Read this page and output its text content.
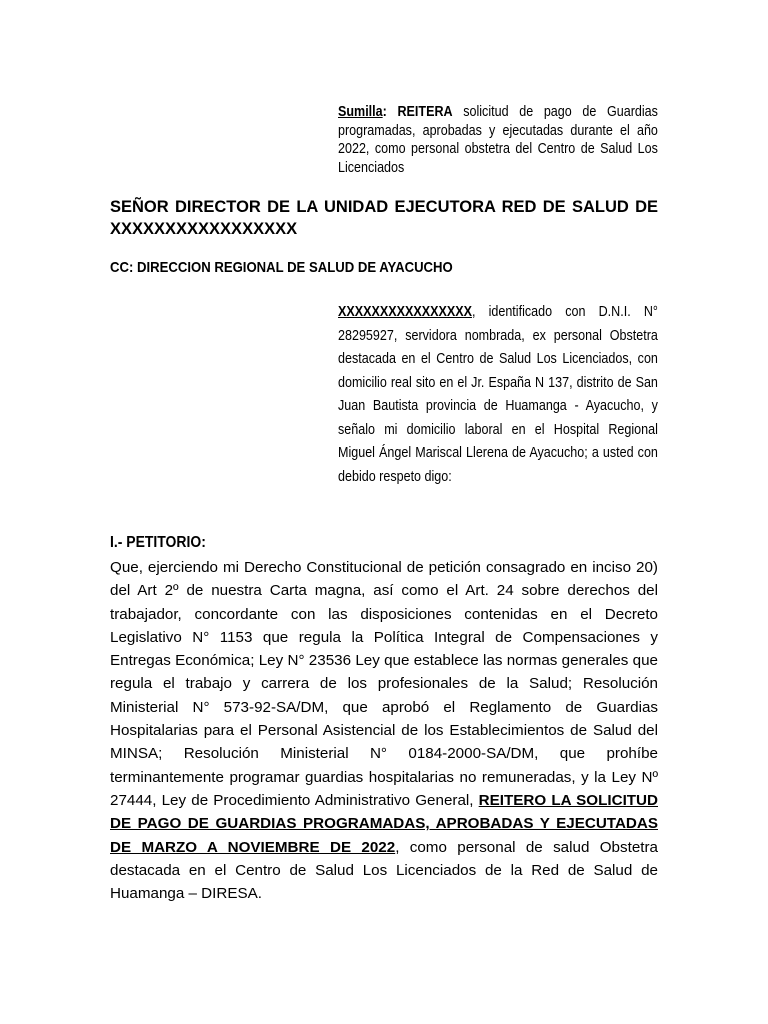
Sumilla: REITERA solicitud de pago de Guardias programadas, aprobadas y ejecutadas durante el año 2022, como personal obstetra del Centro de Salud Los Licenciados
SEÑOR DIRECTOR DE LA UNIDAD EJECUTORA RED DE SALUD DE
XXXXXXXXXXXXXXXXX
CC: DIRECCION REGIONAL DE SALUD DE AYACUCHO
XXXXXXXXXXXXXXXX, identificado con D.N.I. N° 28295927, servidora nombrada, ex personal Obstetra destacada en el Centro de Salud Los Licenciados, con domicilio real sito en el Jr. España N 137, distrito de San Juan Bautista provincia de Huamanga - Ayacucho, y señalo mi domicilio laboral en el Hospital Regional Miguel Ángel Mariscal Llerena de Ayacucho; a usted con debido respeto digo:
I.- PETITORIO:
Que, ejerciendo mi Derecho Constitucional de petición consagrado en inciso 20) del Art 2º de nuestra Carta magna, así como el Art. 24 sobre derechos del trabajador, concordante con las disposiciones contenidas en el Decreto Legislativo N° 1153 que regula la Política Integral de Compensaciones y Entregas Económica; Ley N° 23536 Ley que establece las normas generales que regula el trabajo y carrera de los profesionales de la Salud; Resolución Ministerial N° 573-92-SA/DM, que aprobó el Reglamento de Guardias Hospitalarias para el Personal Asistencial de los Establecimientos de Salud del MINSA; Resolución Ministerial N° 0184-2000-SA/DM, que prohíbe terminantemente programar guardias hospitalarias no remuneradas, y la Ley Nº 27444, Ley de Procedimiento Administrativo General, REITERO LA SOLICITUD DE PAGO DE GUARDIAS PROGRAMADAS, APROBADAS Y EJECUTADAS DE MARZO A NOVIEMBRE DE 2022, como personal de salud Obstetra destacada en el Centro de Salud Los Licenciados de la Red de Salud de Huamanga – DIRESA.
